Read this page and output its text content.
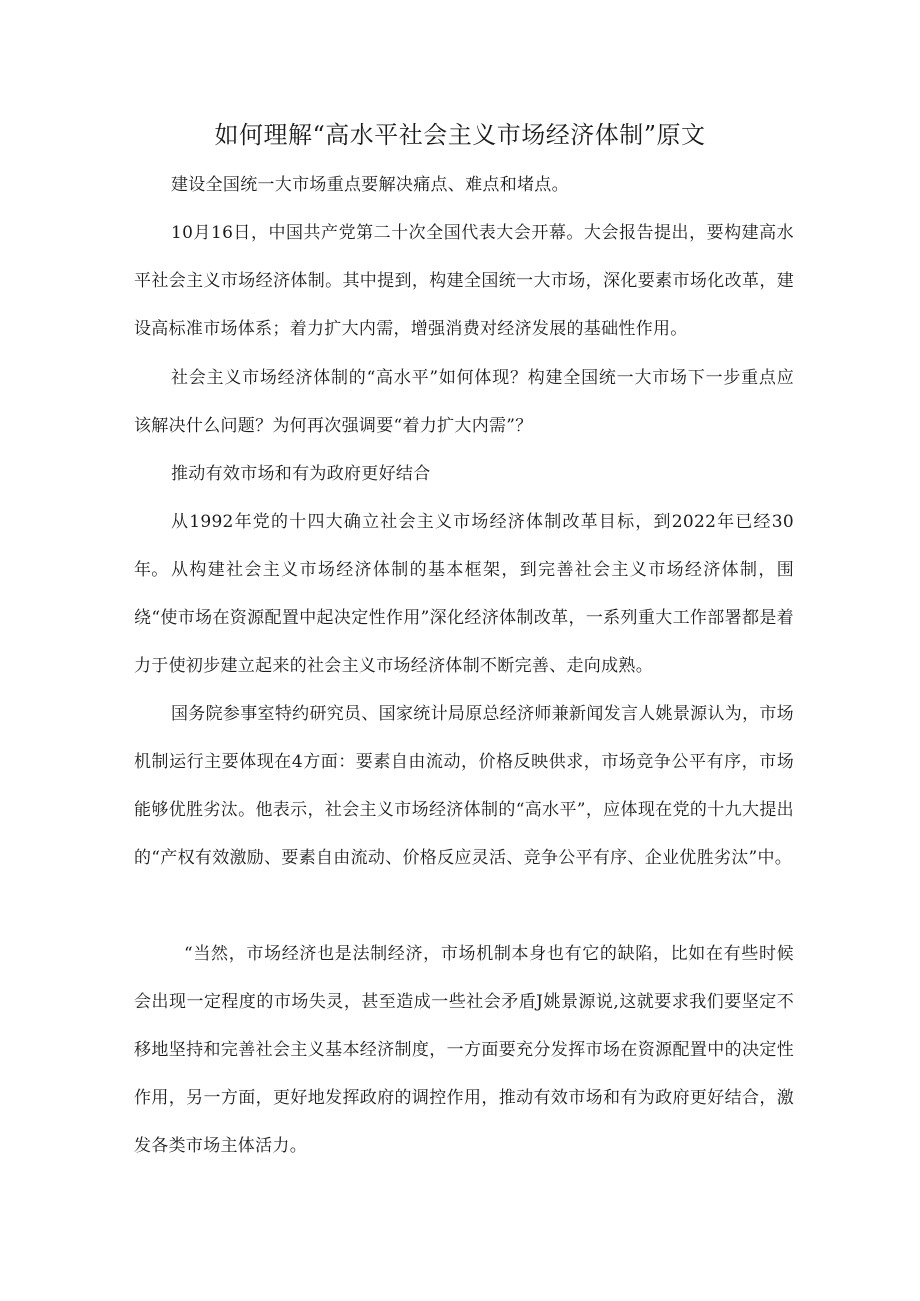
如何理解“高水平社会主义市场经济体制”原文

建设全国统一大市场重点要解决痛点、难点和堵点。

10月16日，中国共产党第二十次全国代表大会开幕。大会报告提出，要构建高水平社会主义市场经济体制。其中提到，构建全国统一大市场，深化要素市场化改革，建设高标准市场体系；着力扩大内需，增强消费对经济发展的基础性作用。

社会主义市场经济体制的“高水平”如何体现？构建全国统一大市场下一步重点应该解决什么问题？为何再次强调要“着力扩大内需”？

推动有效市场和有为政府更好结合

从1992年党的十四大确立社会主义市场经济体制改革目标，到2022年已经30年。 从构建社会主义市场经济体制的基本框架，到完善社会主义市场经济体制，围绕“使市场在资源配置中起决定性作用”深化经济体制改革，一系列重大工作部署都是着力于使初步建立起来的社会主义市场经济体制不断完善、走向成熟。

国务院参事室特约研究员、国家统计局原总经济师兼新闻发言人姚景源认为，市场机制运行主要体现在4方面：要素自由流动，价格反映供求，市场竞争公平有序，市场能够优胜劣汰。他表示，社会主义市场经济体制的“高水平”，应体现在党的十九大提出的“产权有效激励、要素自由流动、价格反应灵活、竞争公平有序、企业优胜劣汰”中。

“当然，市场经济也是法制经济，市场机制本身也有它的缺陷，比如在有些时候会出现一定程度的市场失灵，甚至造成一些社会矛盾J姚景源说,这就要求我们要坚定不移地坚持和完善社会主义基本经济制度，一方面要充分发挥市场在资源配置中的决定性作用，另一方面，更好地发挥政府的调控作用，推动有效市场和有为政府更好结合，激发各类市场主体活力。
